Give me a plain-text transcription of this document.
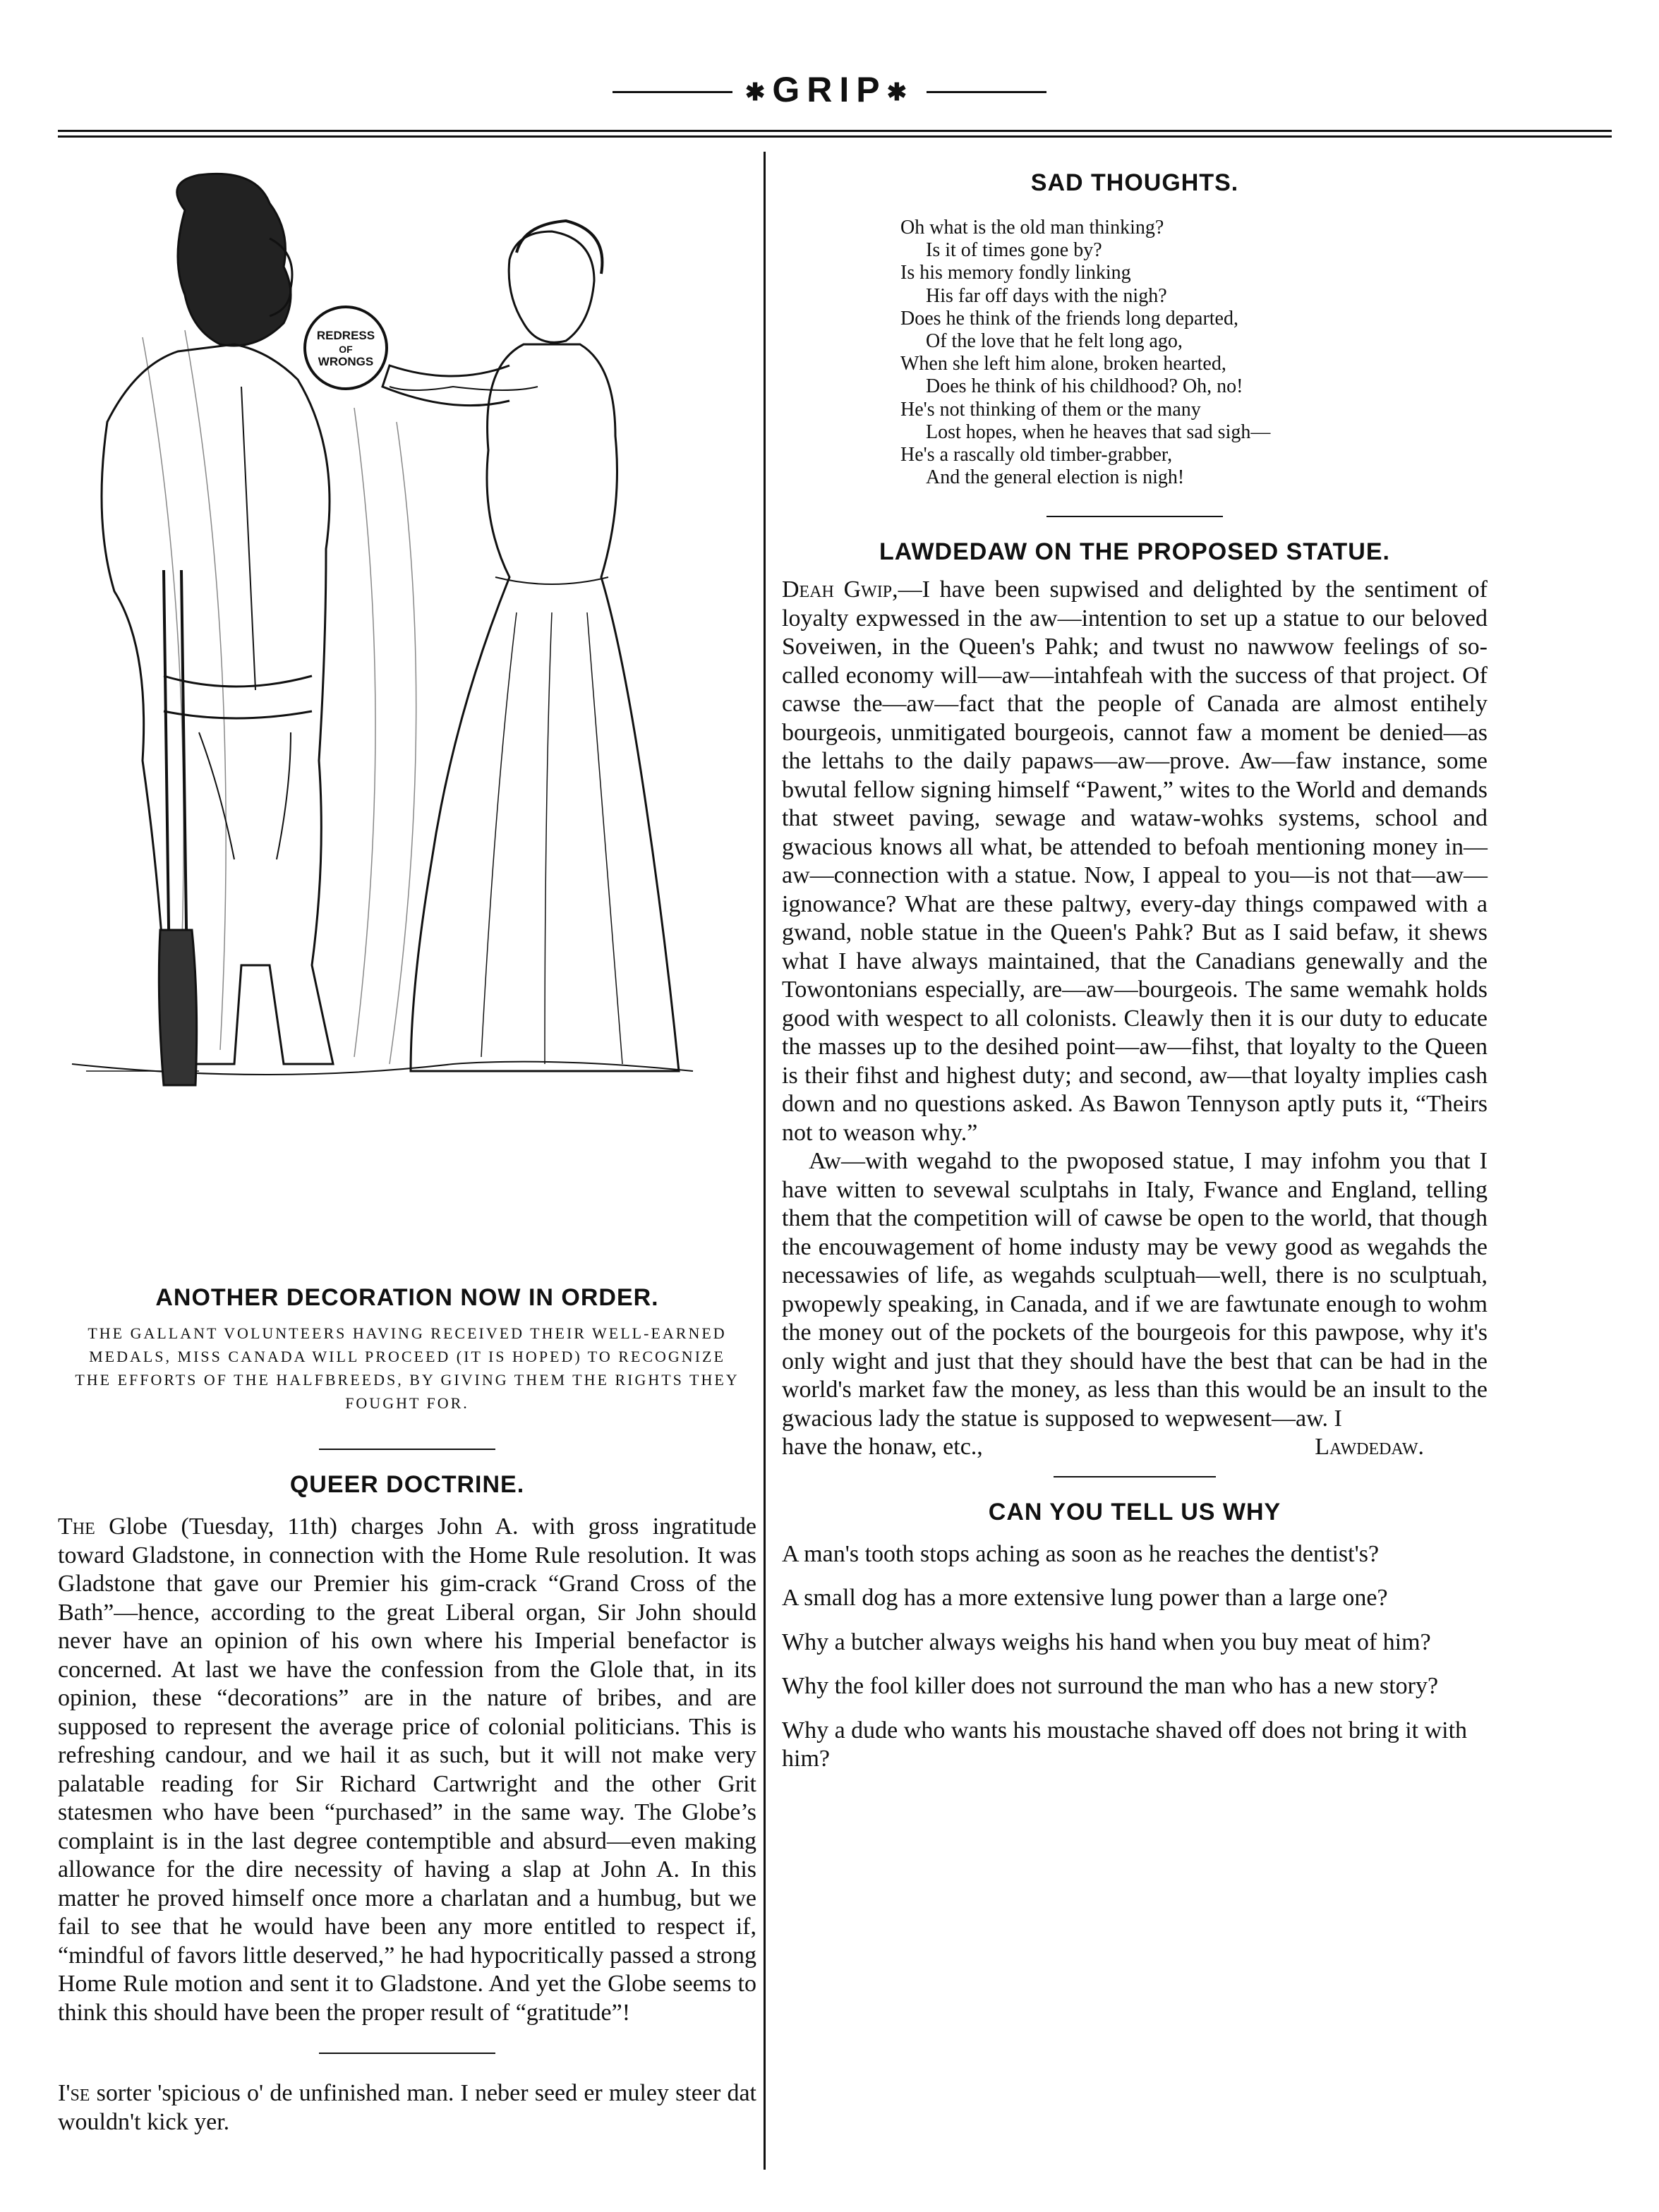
✱GRIP✱
REDRESS
OF
WRONGS

ANOTHER DECORATION NOW IN ORDER.

THE GALLANT VOLUNTEERS HAVING RECEIVED THEIR WELL-EARNED MEDALS, MISS CANADA WILL PROCEED (IT IS HOPED) TO RECOGNIZE THE EFFORTS OF THE HALFBREEDS, BY GIVING THEM THE RIGHTS THEY FOUGHT FOR.

QUEER DOCTRINE.

The Globe (Tuesday, 11th) charges John A. with gross ingratitude toward Gladstone, in connection with the Home Rule resolution. It was Gladstone that gave our Premier his gim-crack “Grand Cross of the Bath”—hence, according to the great Liberal organ, Sir John should never have an opinion of his own where his Imperial benefactor is concerned. At last we have the confession from the Glole that, in its opinion, these “decorations” are in the nature of bribes, and are supposed to represent the average price of colonial politicians. This is refreshing candour, and we hail it as such, but it will not make very palatable reading for Sir Richard Cartwright and the other Grit statesmen who have been “purchased” in the same way. The Globe’s complaint is in the last degree contemptible and absurd—even making allowance for the dire necessity of having a slap at John A. In this matter he proved himself once more a charlatan and a humbug, but we fail to see that he would have been any more entitled to respect if, “mindful of favors little deserved,” he had hypocritically passed a strong Home Rule motion and sent it to Gladstone. And yet the Globe seems to think this should have been the proper result of “gratitude”!

I'se sorter 'spicious o' de unfinished man. I neber seed er muley steer dat wouldn't kick yer.

SAD THOUGHTS.

Oh what is the old man thinking?
Is it of times gone by?
Is his memory fondly linking
His far off days with the nigh?
Does he think of the friends long departed,
Of the love that he felt long ago,
When she left him alone, broken hearted,
Does he think of his childhood? Oh, no!
He's not thinking of them or the many
Lost hopes, when he heaves that sad sigh—
He's a rascally old timber-grabber,
And the general election is nigh!

LAWDEDAW ON THE PROPOSED STATUE.

Deah Gwip,—I have been supwised and delighted by the sentiment of loyalty expwessed in the aw—intention to set up a statue to our beloved Soveiwen, in the Queen's Pahk; and twust no nawwow feelings of so-called economy will—aw—intahfeah with the success of that project. Of cawse the—aw—fact that the people of Canada are almost entihely bourgeois, unmitigated bourgeois, cannot faw a moment be denied—as the lettahs to the daily papaws—aw—prove. Aw—faw instance, some bwutal fellow signing himself “Pawent,” wites to the World and demands that stweet paving, sewage and wataw-wohks systems, school and gwacious knows all what, be attended to befoah mentioning money in—aw—connection with a statue. Now, I appeal to you—is not that—aw—ignowance? What are these paltwy, every-day things compawed with a gwand, noble statue in the Queen's Pahk? But as I said befaw, it shews what I have always maintained, that the Canadians genewally and the Towontonians especially, are—aw—bourgeois. The same wemahk holds good with wespect to all colonists. Cleawly then it is our duty to educate the masses up to the desihed point—aw—fihst, that loyalty to the Queen is their fihst and highest duty; and second, aw—that loyalty implies cash down and no questions asked. As Bawon Tennyson aptly puts it, “Theirs not to weason why.”

Aw—with wegahd to the pwoposed statue, I may infohm you that I have witten to sevewal sculptahs in Italy, Fwance and England, telling them that the competition will of cawse be open to the world, that though the encouwagement of home industy may be vewy good as wegahds the necessawies of life, as wegahds sculptuah—well, there is no sculptuah, pwopewly speaking, in Canada, and if we are fawtunate enough to wohm the money out of the pockets of the bourgeois for this pawpose, why it's only wight and just that they should have the best that can be had in the world's market faw the money, as less than this would be an insult to the gwacious lady the statue is supposed to wepwesent—aw. I

have the honaw, etc.,	Lawdedaw.

CAN YOU TELL US WHY

A man's tooth stops aching as soon as he reaches the dentist's?

A small dog has a more extensive lung power than a large one?

Why a butcher always weighs his hand when you buy meat of him?

Why the fool killer does not surround the man who has a new story?

Why a dude who wants his moustache shaved off does not bring it with him?
